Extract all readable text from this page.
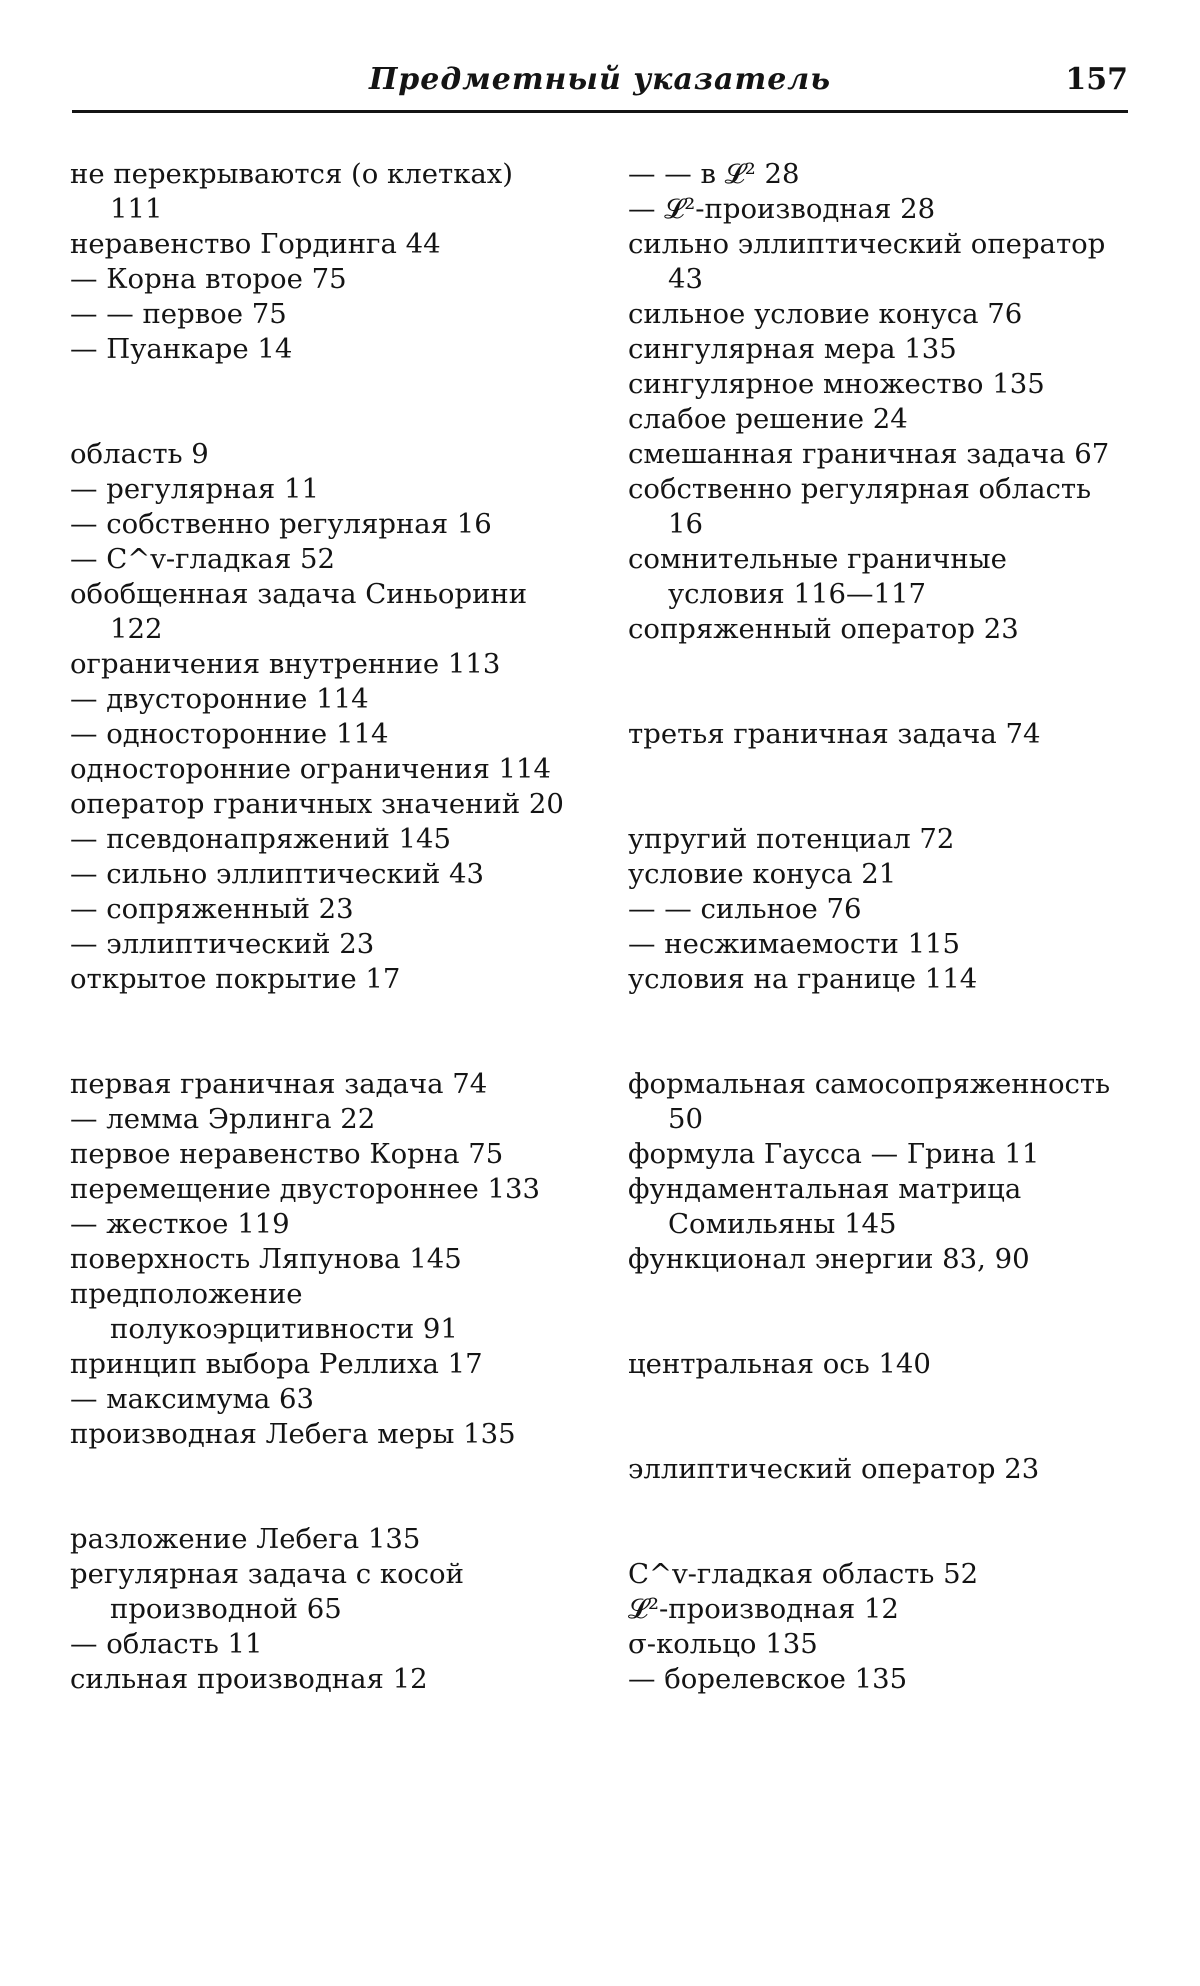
Предметный указатель	157

не перекрываются (о клетках) 111

неравенство Гординга 44

— Корна второе 75

— — первое 75

— Пуанкаре 14

область 9

— регулярная 11

— собственно регулярная 16

— C^v-гладкая 52

обобщенная задача Синьорини 122

ограничения внутренние 113

— двусторонние 114

— односторонние 114

односторонние ограничения 114

оператор граничных значений 20

— псевдонапряжений 145

— сильно эллиптический 43

— сопряженный 23

— эллиптический 23

открытое покрытие 17

первая граничная задача 74

— лемма Эрлинга 22

первое неравенство Корна 75

перемещение двустороннее 133

— жесткое 119

поверхность Ляпунова 145

предположение полукоэрцитивности 91

принцип выбора Реллиха 17

— максимума 63

производная Лебега меры 135

разложение Лебега 135

регулярная задача с косой производной 65

— область 11

сильная производная 12

— — в 𝓛² 28

— 𝓛²-производная 28

сильно эллиптический оператор 43

сильное условие конуса 76

сингулярная мера 135

сингулярное множество 135

слабое решение 24

смешанная граничная задача 67

собственно регулярная область 16

сомнительные граничные условия 116—117

сопряженный оператор 23

третья граничная задача 74

упругий потенциал 72

условие конуса 21

— — сильное 76

— несжимаемости 115

условия на границе 114

формальная самосопряженность 50

формула Гаусса — Грина 11

фундаментальная матрица Сомильяны 145

функционал энергии 83, 90

центральная ось 140

эллиптический оператор 23

C^v-гладкая область 52

𝓛²-производная 12

σ-кольцо 135

— борелевское 135
